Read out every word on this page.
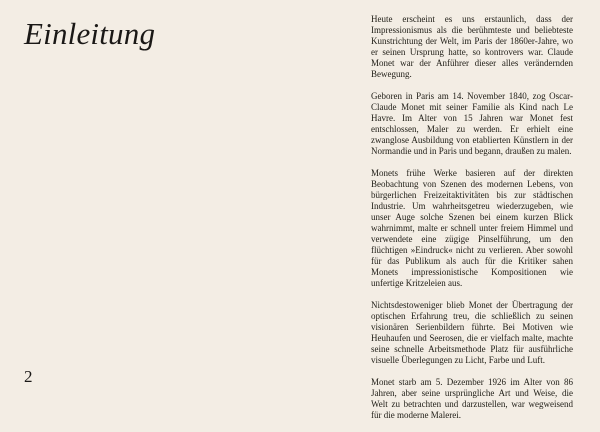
Einleitung
2

Heute erscheint es uns erstaunlich, dass der Impressionismus als die berühmteste und beliebteste Kunstrichtung der Welt, im Paris der 1860er-Jahre, wo er seinen Ursprung hatte, so kontrovers war. Claude Monet war der Anführer dieser alles verändernden Bewegung.

Geboren in Paris am 14. November 1840, zog Oscar-Claude Monet mit seiner Familie als Kind nach Le Havre. Im Alter von 15 Jahren war Monet fest entschlossen, Maler zu werden. Er erhielt eine zwanglose Ausbildung von etablierten Künstlern in der Normandie und in Paris und begann, draußen zu malen.

Monets frühe Werke basieren auf der direkten Beobachtung von Szenen des modernen Lebens, von bürgerlichen Freizeitaktivitäten bis zur städtischen Industrie. Um wahrheitsgetreu wiederzugeben, wie unser Auge solche Szenen bei einem kurzen Blick wahrnimmt, malte er schnell unter freiem Himmel und verwendete eine zügige Pinselführung, um den flüchtigen »Eindruck« nicht zu verlieren. Aber sowohl für das Publikum als auch für die Kritiker sahen Monets impressionistische Kompositionen wie unfertige Kritzeleien aus.

Nichtsdestoweniger blieb Monet der Übertragung der optischen Erfahrung treu, die schließlich zu seinen visionären Serienbildern führte. Bei Motiven wie Heuhaufen und Seerosen, die er vielfach malte, machte seine schnelle Arbeitsmethode Platz für ausführliche visuelle Überlegungen zu Licht, Farbe und Luft.

Monet starb am 5. Dezember 1926 im Alter von 86 Jahren, aber seine ursprüngliche Art und Weise, die Welt zu betrachten und darzustellen, war wegweisend für die moderne Malerei.
